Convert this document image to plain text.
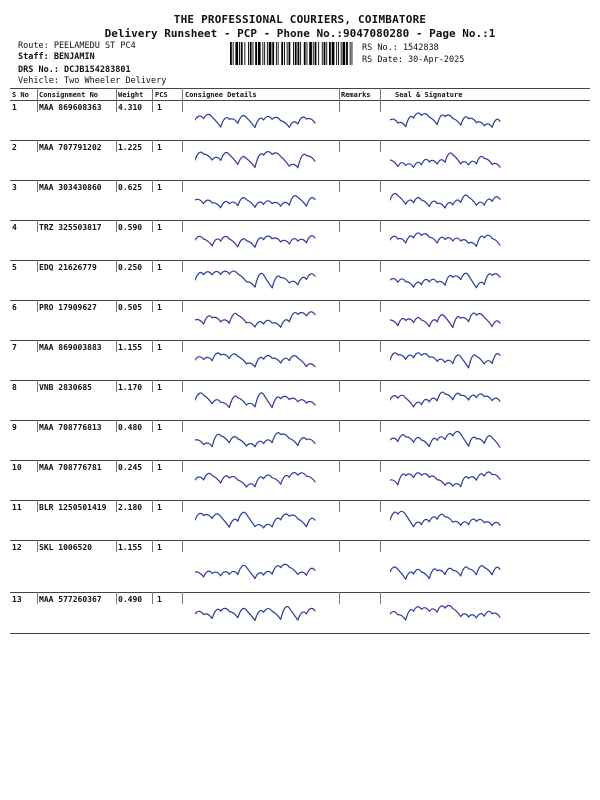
THE PROFESSIONAL COURIERS, COIMBATORE
Delivery Runsheet - PCP - Phone No.:9047080280 - Page No.:1
Route: PEELAMEDU ST PC4
Staff: BENJAMIN
DRS No.: DCJB154283801
Vehicle: Two Wheeler Delivery
RS No.: 1542838
RS Date: 30-Apr-2025
S No Consignment No	Weight PCS Consignee Details	Remarks	Seal & Signature
1	MAA 869608363 4.310 1
2	MAA 707791202 1.225 1
3	MAA 303430860 0.625 1
4	TRZ 325503817 0.590 1
5	EDQ 21626779	0.250 1
6	PRO 17909627	0.505 1
7	MAA 869003883 1.155 1
8	VNB 2830685	1.170 1
9	MAA 708776813 0.480 1
10 MAA 708776781 0.245 1
11 BLR 1250501419 2.180 1
12 SKL 1006520	1.155 1
13 MAA 577260367 0.490 1
